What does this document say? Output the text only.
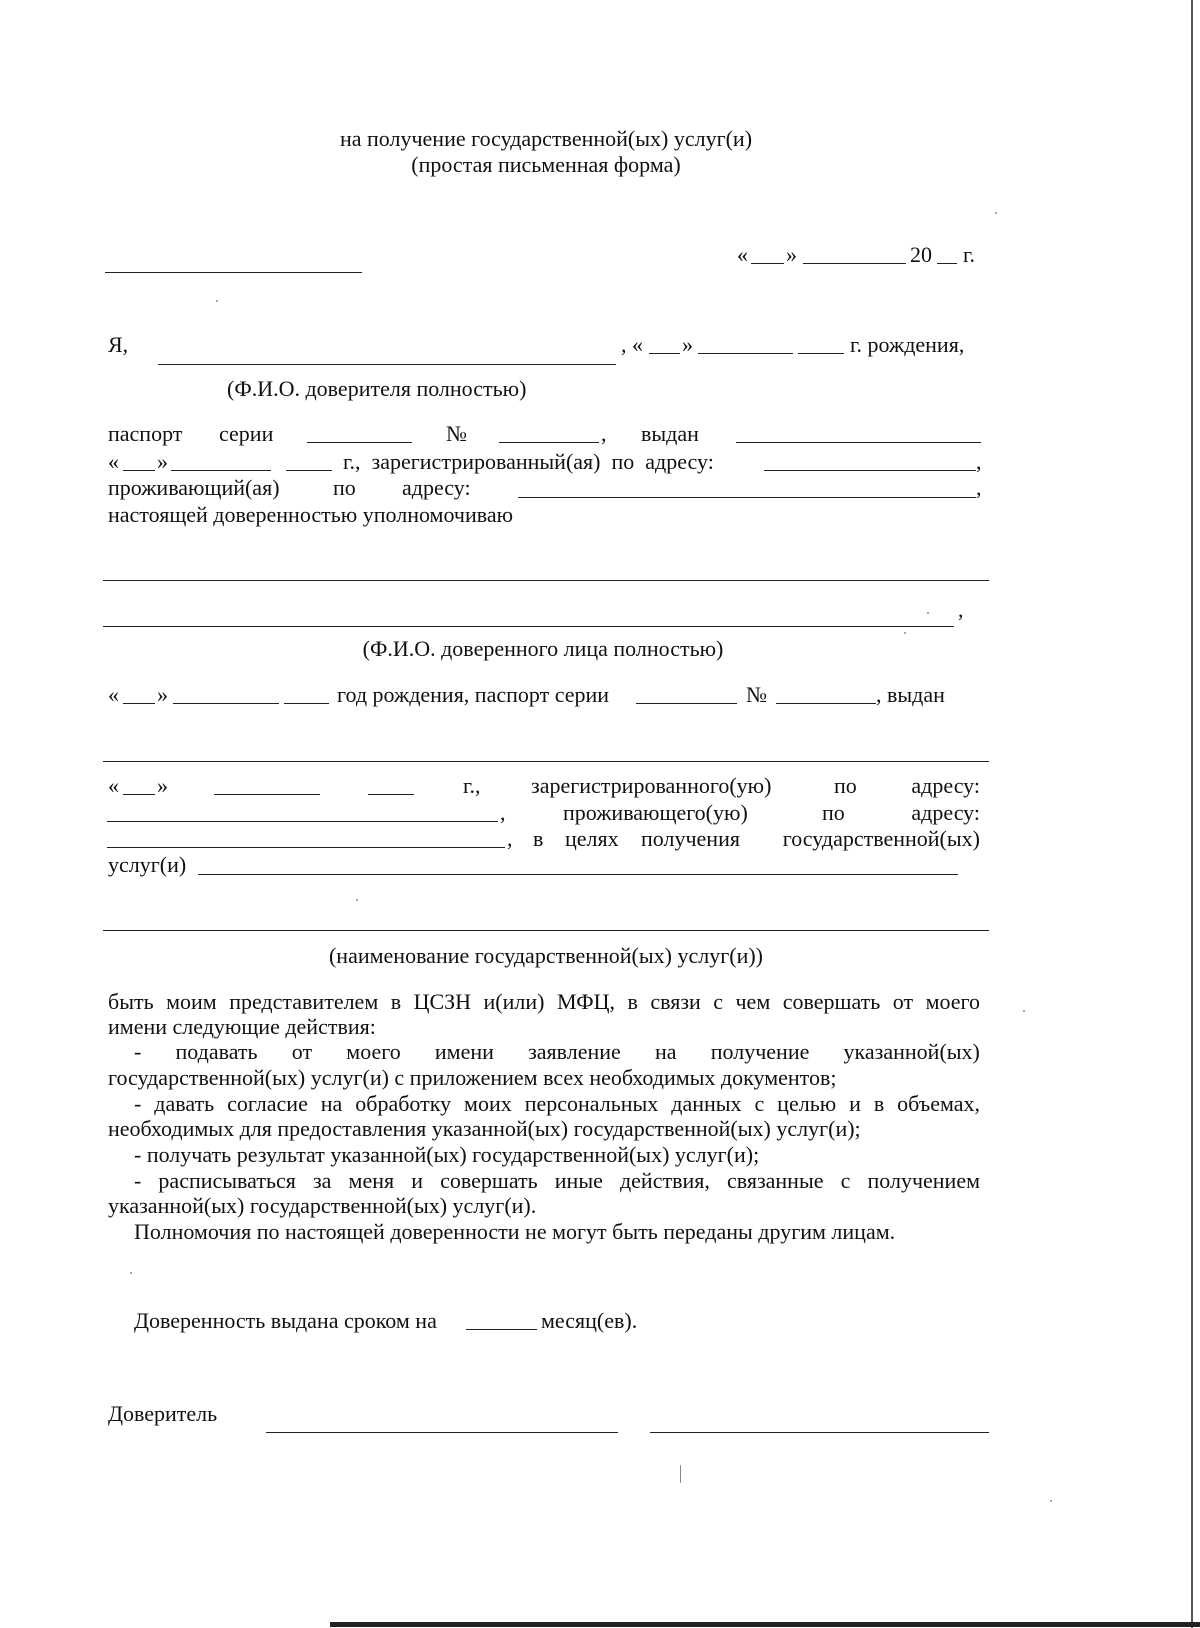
на получение государственной(ых) услуг(и)
(простая письменная форма)
« »	20 г.
Я,	, « »	г. рождения,
(Ф.И.О. доверителя полностью)
паспорт серии	№	, выдан
« »	г.,  зарегистрированный(ая)  по  адресу:	,
проживающий(ая) по адресу:	,
настоящей доверенностью уполномочиваю
,
(Ф.И.О. доверенного лица полностью)
« »	год рождения, паспорт серии	№	, выдан
« »	г., зарегистрированного(ую)	по адресу:
,	проживающего(ую)	по	адресу:
, в целях получения государственной(ых)
услуг(и)
(наименование государственной(ых) услуг(и))
быть моим представителем в ЦСЗН и(или) МФЦ, в связи с чем совершать от моего
имени следующие действия:
- подавать от моего имени заявление на получение указанной(ых)
государственной(ых) услуг(и) с приложением всех необходимых документов;
- давать согласие на обработку моих персональных данных с целью и в объемах,
необходимых для предоставления указанной(ых) государственной(ых) услуг(и);
- получать результат указанной(ых) государственной(ых) услуг(и);
- расписываться за меня и совершать иные действия, связанные с получением
указанной(ых) государственной(ых) услуг(и).
Полномочия по настоящей доверенности не могут быть переданы другим лицам.
Доверенность выдана сроком на	месяц(ев).
Доверитель
